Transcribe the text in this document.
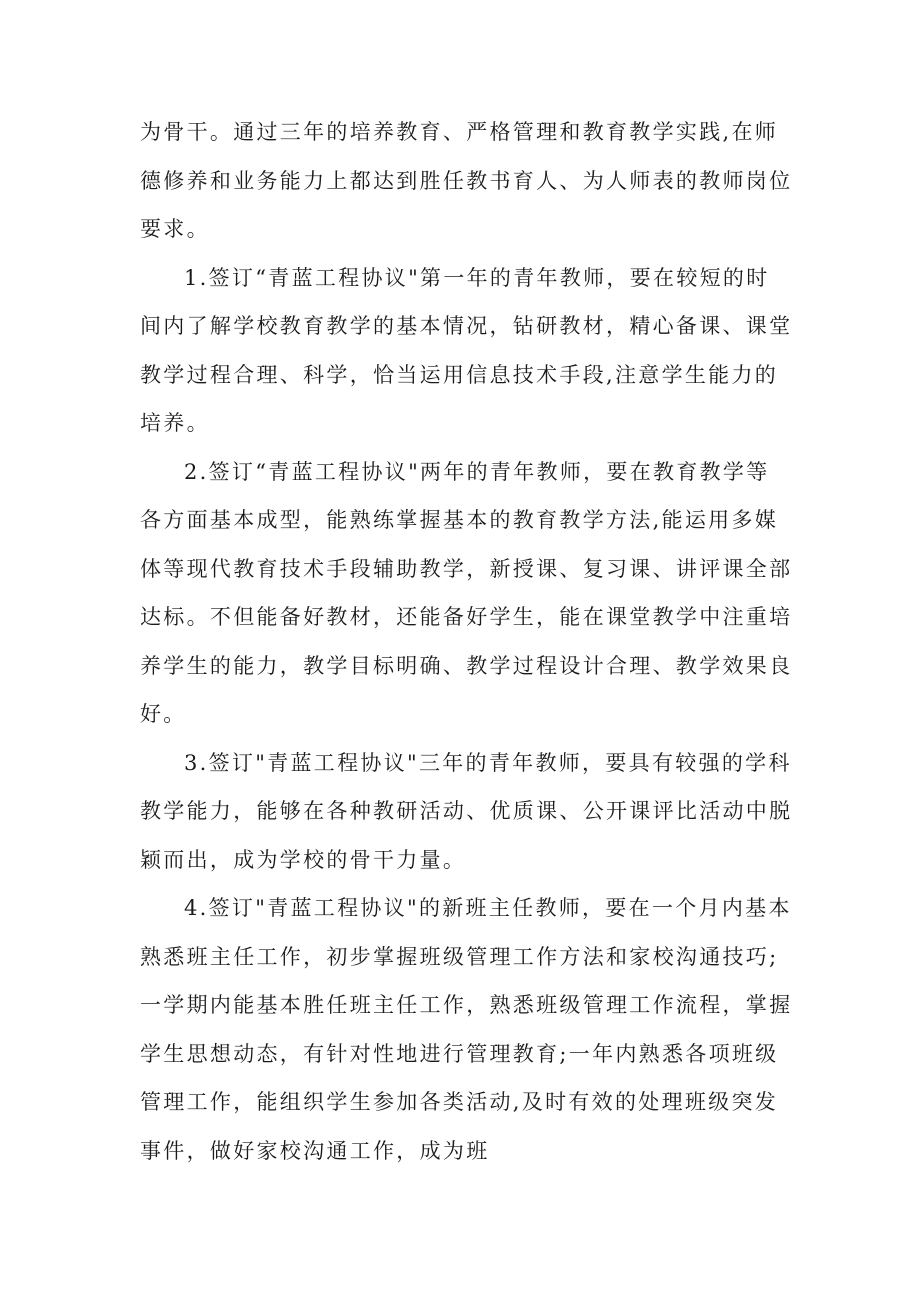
为骨干。通过三年的培养教育、严格管理和教育教学实践,在师
德修养和业务能力上都达到胜任教书育人、为人师表的教师岗位
要求。
1.签订“青蓝工程协议"第一年的青年教师，要在较短的时
间内了解学校教育教学的基本情况，钻研教材，精心备课、课堂
教学过程合理、科学，恰当运用信息技术手段,注意学生能力的
培养。
2.签订“青蓝工程协议"两年的青年教师，要在教育教学等
各方面基本成型，能熟练掌握基本的教育教学方法,能运用多媒
体等现代教育技术手段辅助教学，新授课、复习课、讲评课全部
达标。不但能备好教材，还能备好学生，能在课堂教学中注重培
养学生的能力，教学目标明确、教学过程设计合理、教学效果良
好。
3.签订"青蓝工程协议"三年的青年教师，要具有较强的学科
教学能力，能够在各种教研活动、优质课、公开课评比活动中脱
颖而出，成为学校的骨干力量。
4.签订"青蓝工程协议"的新班主任教师，要在一个月内基本
熟悉班主任工作，初步掌握班级管理工作方法和家校沟通技巧;
一学期内能基本胜任班主任工作，熟悉班级管理工作流程，掌握
学生思想动态，有针对性地进行管理教育;一年内熟悉各项班级
管理工作，能组织学生参加各类活动,及时有效的处理班级突发
事件，做好家校沟通工作，成为班
